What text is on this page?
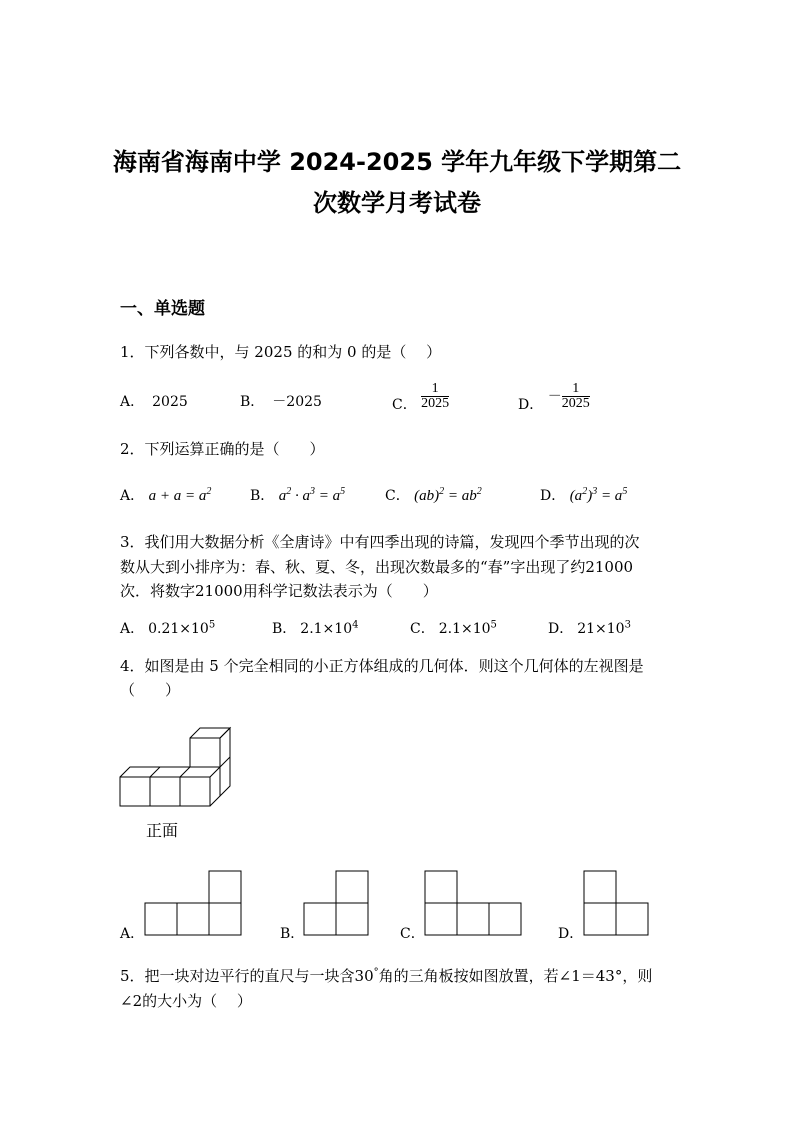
海南省海南中学 2024-2025 学年九年级下学期第二
次数学月考试卷
一、单选题
1．下列各数中，与 2025 的和为 0 的是（　 ）
A． 2025	B． －2025	C． $\frac{1}{2025}$	D． － $\frac{1}{2025}$
2．下列运算正确的是（　　）
A． $a + a = a^2$	B． $a^2 \cdot a^3 = a^5$	C． $(ab)^2 = ab^2$	D． $(a^2)^3 = a^5$
3．我们用大数据分析《全唐诗》中有四季出现的诗篇，发现四个季节出现的次
数从大到小排序为：春、秋、夏、冬，出现次数最多的“春”字出现了约21000
次．将数字21000用科学记数法表示为（　　）
A． $0.21\times 10^5$	B． $2.1\times 10^4$	C． $2.1\times 10^5$	D． $21\times 10^3$
4．如图是由 5 个完全相同的小正方体组成的几何体．则这个几何体的左视图是
（　　）
正面
A．	B．	C．	D．
5．把一块对边平行的直尺与一块含30°角的三角板按如图放置，若∠1＝43°，则
∠2的大小为（　 ）
